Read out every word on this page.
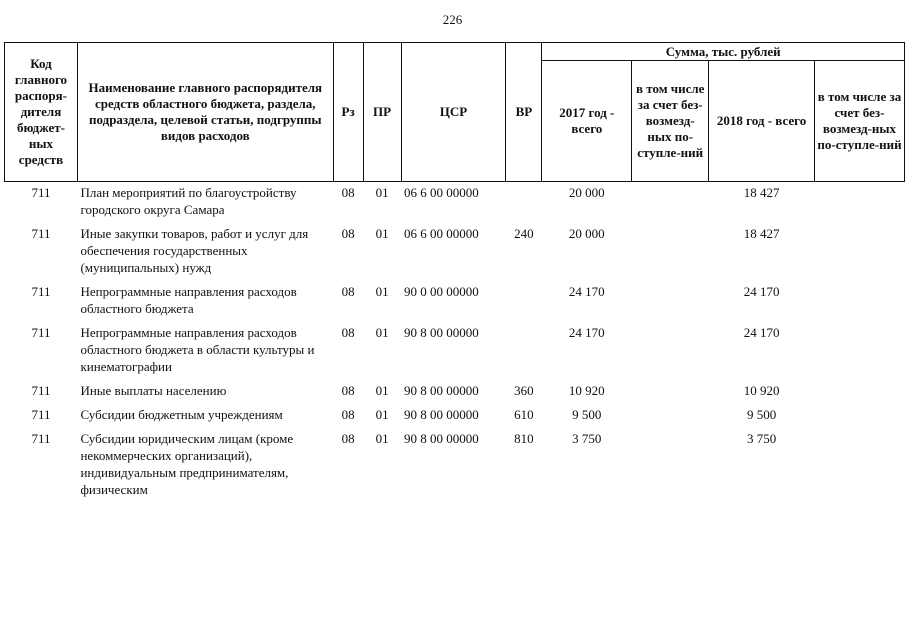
226
Код главного распоря-дителя бюджет-ных средств	Наименование главного распорядителя средств областного бюджета, раздела, подраздела, целевой статьи, подгруппы видов расходов	Рз	ПР	ЦСР	ВР	Сумма, тыс. рублей			
						2017 год - всего	в том числе за счет без-возмезд-ных по-ступле-ний	2018 год - всего	в том числе за счет без-возмезд-ных по-ступле-ний
711	План мероприятий по благоустройству городского округа Самара	08	01	06 6 00 00000		20 000		18 427	
711	Иные закупки товаров, работ и услуг для обеспечения государственных (муниципальных) нужд	08	01	06 6 00 00000	240	20 000		18 427	
711	Непрограммные направления расходов областного бюджета	08	01	90 0 00 00000		24 170		24 170	
711	Непрограммные направления расходов областного бюджета в области культуры и кинематографии	08	01	90 8 00 00000		24 170		24 170	
711	Иные выплаты населению	08	01	90 8 00 00000	360	10 920		10 920	
711	Субсидии бюджетным учреждениям	08	01	90 8 00 00000	610	9 500		9 500	
711	Субсидии юридическим лицам (кроме некоммерческих организаций), индивидуальным предпринимателям, физическим	08	01	90 8 00 00000	810	3 750		3 750	
